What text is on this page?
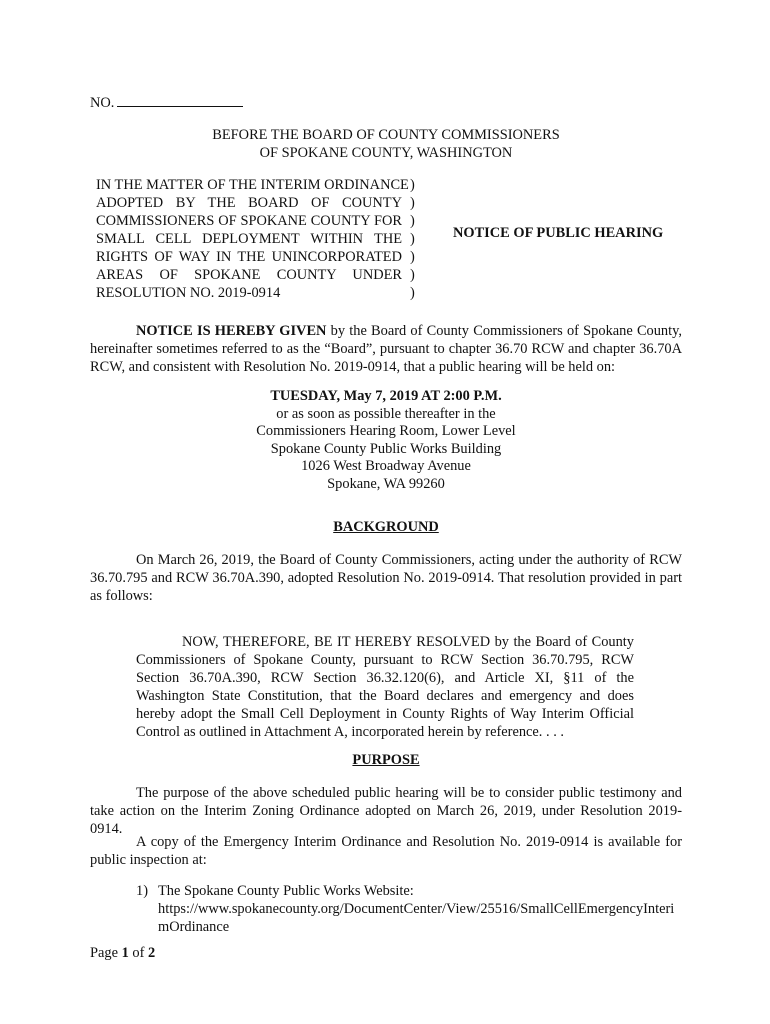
NO.
BEFORE THE BOARD OF COUNTY COMMISSIONERS
OF SPOKANE COUNTY, WASHINGTON
IN THE MATTER OF THE INTERIM ORDINANCE
ADOPTED BY THE BOARD OF COUNTY
COMMISSIONERS OF SPOKANE COUNTY FOR
SMALL CELL DEPLOYMENT WITHIN THE
RIGHTS OF WAY IN THE UNINCORPORATED
AREAS OF SPOKANE COUNTY UNDER
RESOLUTION NO. 2019-0914
)
)
)
)
)
)
)
NOTICE OF PUBLIC HEARING
NOTICE IS HEREBY GIVEN by the Board of County Commissioners of Spokane County, hereinafter sometimes referred to as the “Board”, pursuant to chapter 36.70 RCW and chapter 36.70A RCW, and consistent with Resolution No. 2019-0914, that a public hearing will be held on:
TUESDAY, May 7, 2019 AT 2:00 P.M.
or as soon as possible thereafter in the
Commissioners Hearing Room, Lower Level
Spokane County Public Works Building
1026 West Broadway Avenue
Spokane, WA 99260
BACKGROUND
On March 26, 2019, the Board of County Commissioners, acting under the authority of RCW 36.70.795 and RCW 36.70A.390, adopted Resolution No. 2019-0914. That resolution provided in part as follows:
NOW, THEREFORE, BE IT HEREBY RESOLVED by the Board of County Commissioners of Spokane County, pursuant to RCW Section 36.70.795, RCW Section 36.70A.390, RCW Section 36.32.120(6), and Article XI, §11 of the Washington State Constitution, that the Board declares and emergency and does hereby adopt the Small Cell Deployment in County Rights of Way Interim Official Control as outlined in Attachment A, incorporated herein by reference. . . .
PURPOSE
The purpose of the above scheduled public hearing will be to consider public testimony and take action on the Interim Zoning Ordinance adopted on March 26, 2019, under Resolution 2019-0914.
A copy of the Emergency Interim Ordinance and Resolution No. 2019-0914 is available for public inspection at:
1) The Spokane County Public Works Website:
https://www.spokanecounty.org/DocumentCenter/View/25516/SmallCellEmergencyInterimOrdinance
Page 1 of 2
